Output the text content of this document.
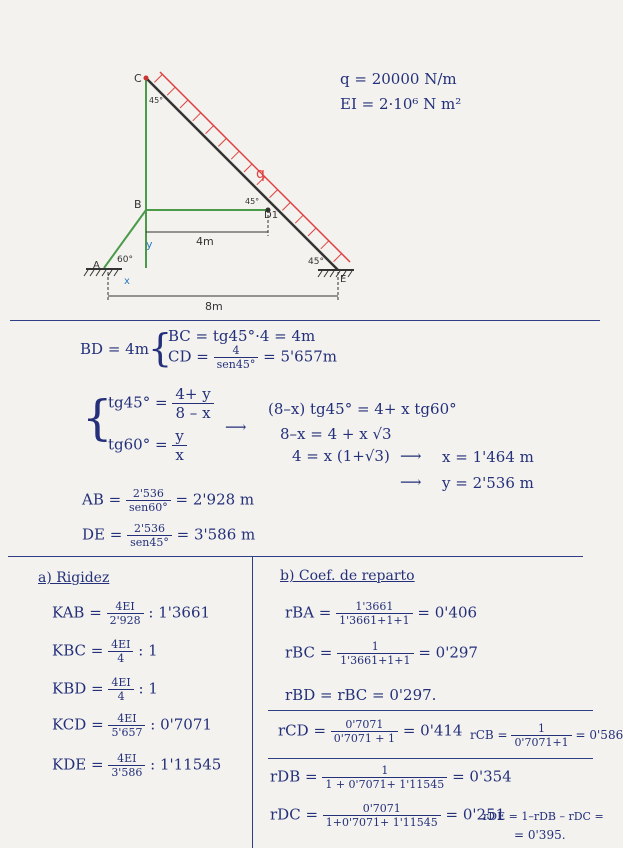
C
45°
B	45°
D1
A 60°	45°
E
q
4m
8m
y
x
q = 20000 N/m
EI = 2·10⁶ N m²
BD = 4m {
BC = tg45°·4 = 4m
CD = $\frac{4}{\text{sen45°}} = 5'657m$
{
$tg45^\circ = \frac{4+ y}{8 - x}$
$tg60^\circ = \frac{y}{x}$	⟶
(8–x) tg45° = 4+ x tg60°
8–x = 4 + x √3
4 = x (1+√3) ⟶ x = 1'464 m
⟶ y = 2'536 m
AB = $\frac{2'536}{\text{sen60°}} = 2'928$ m
DE = $\frac{2'536}{\text{sen45°}} = 3'586$ m
a) Rigidez
KAB = $\frac{4EI}{2'928}$ : 1'3661
KBC = $\frac{4EI}{4}$ : 1
KBD = $\frac{4EI}{4}$ : 1
KCD = $\frac{4EI}{5'657}$ : 0'7071
KDE = $\frac{4EI}{3'586}$ : 1'11545
b) Coef. de reparto
rBA = $\frac{1'3661}{1'3661+1+1} = 0'406$
rBC = $\frac{1}{1'3661+1+1} = 0'297$
rBD = rBC = 0'297.
rCD = $\frac{0'7071}{0'7071 + 1} = 0'414$ rCB = $\frac{1}{0'7071+1} = 0'586$
rDB = $\frac{1}{1 + 0'7071+ 1'11545} = 0'354$
rDC = $\frac{0'7071}{1+0'7071+ 1'11545} = 0'251$
rDE = 1–rDB – rDC =
= 0'395.
